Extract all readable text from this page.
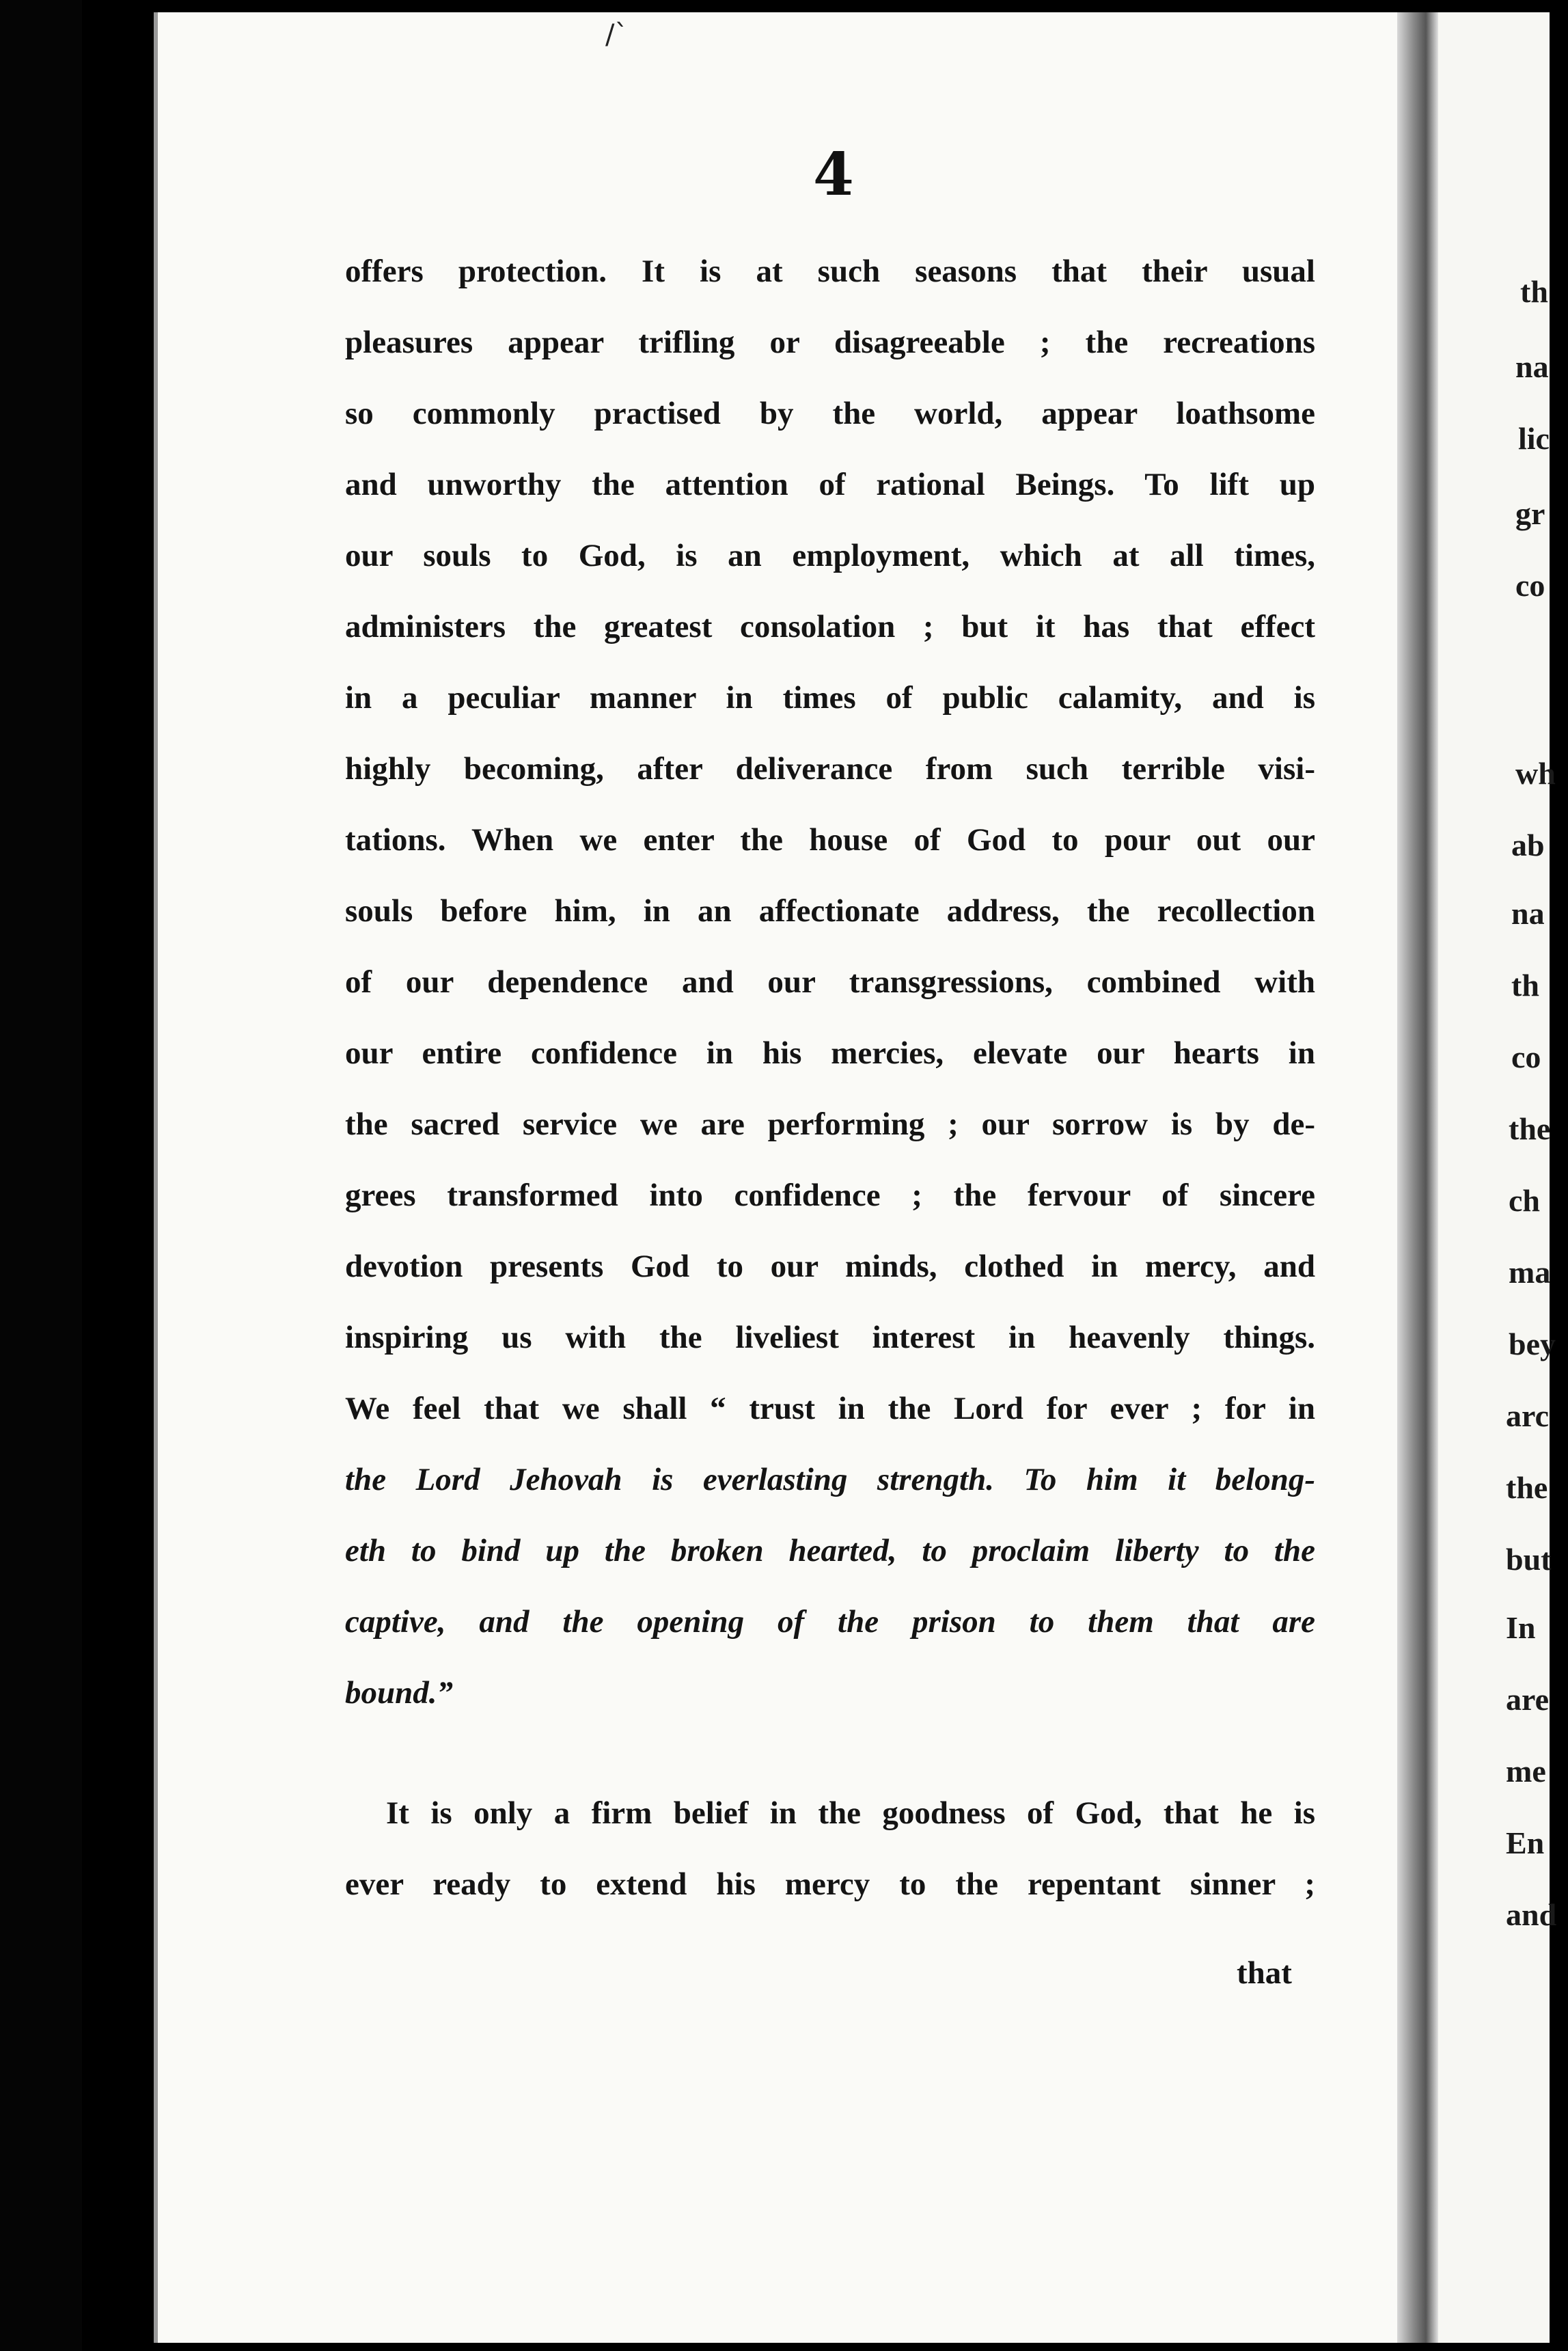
/`
4
offers protection. It is at such seasons that their usual
pleasures appear trifling or disagreeable ; the recreations
so commonly practised by the world, appear loathsome
and unworthy the attention of rational Beings. To lift up
our souls to God, is an employment, which at all times,
administers the greatest consolation ; but it has that effect
in a peculiar manner in times of public calamity, and is
highly becoming, after deliverance from such terrible visi-
tations. When we enter the house of God to pour out our
souls before him, in an affectionate address, the recollection
of our dependence and our transgressions, combined with
our entire confidence in his mercies, elevate our hearts in
the sacred service we are performing ; our sorrow is by de-
grees transformed into confidence ; the fervour of sincere
devotion presents God to our minds, clothed in mercy, and
inspiring us with the liveliest interest in heavenly things.
We feel that we shall “ trust in the Lord for ever ; for in
the Lord Jehovah is everlasting strength. To him it belong-
eth to bind up the broken hearted, to proclaim liberty to the
captive, and the opening of the prison to them that are
bound.”
It is only a firm belief in the goodness of God, that he is
ever ready to extend his mercy to the repentant sinner ;
that
th
na
lic
gr
co
wh
ab
na
th
co
the
ch
ma
bey
arc
the
but
In
are
me
En
and
